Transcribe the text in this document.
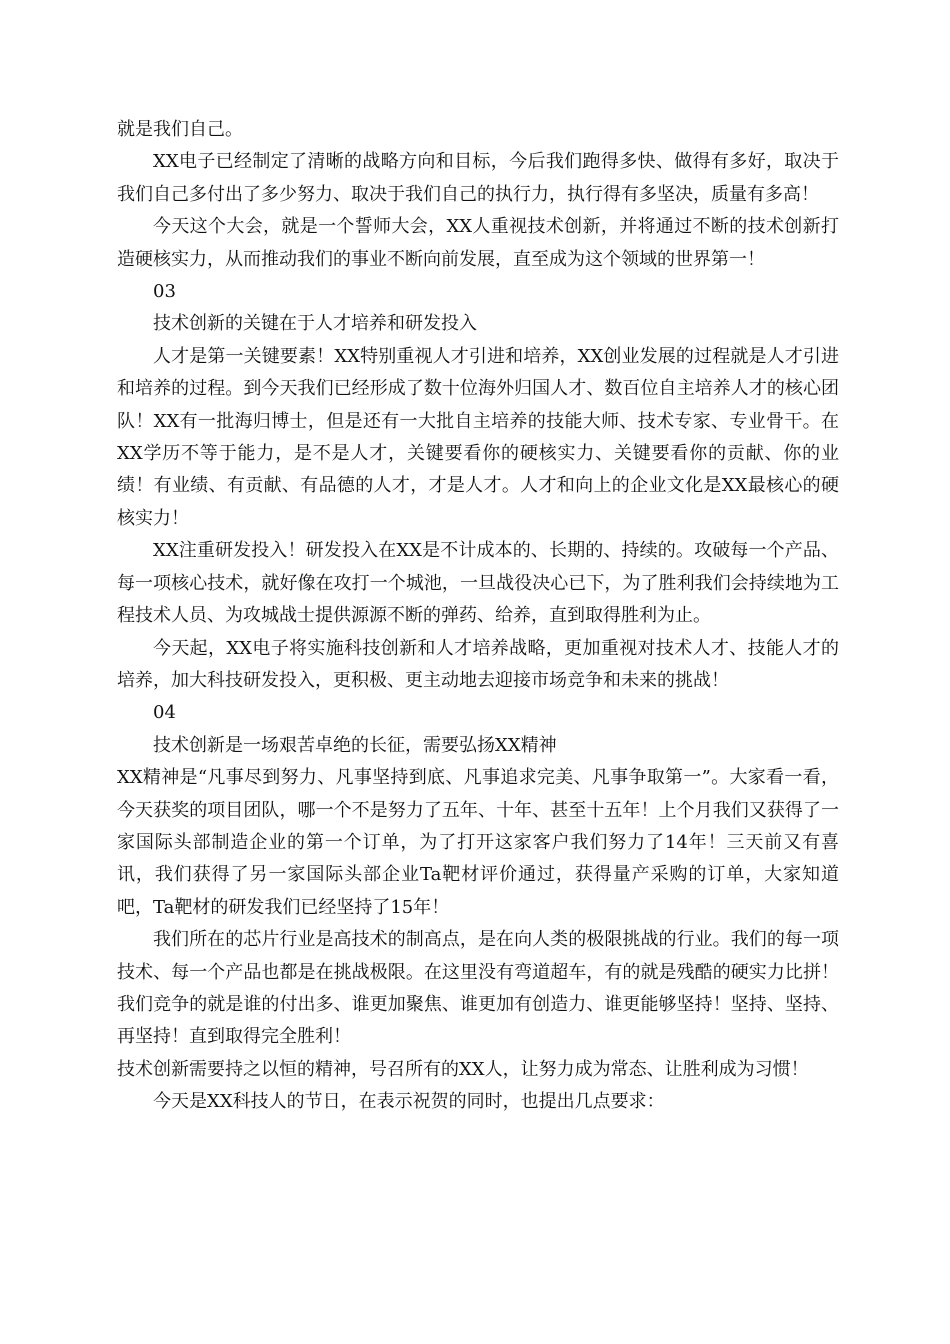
就是我们自己。

XX电子已经制定了清晰的战略方向和目标，今后我们跑得多快、做得有多好，取决于我们自己多付出了多少努力、取决于我们自己的执行力，执行得有多坚决，质量有多高！

今天这个大会，就是一个誓师大会，XX人重视技术创新，并将通过不断的技术创新打造硬核实力，从而推动我们的事业不断向前发展，直至成为这个领域的世界第一！

03

技术创新的关键在于人才培养和研发投入

人才是第一关键要素！XX特别重视人才引进和培养，XX创业发展的过程就是人才引进和培养的过程。到今天我们已经形成了数十位海外归国人才、数百位自主培养人才的核心团队！XX有一批海归博士，但是还有一大批自主培养的技能大师、技术专家、专业骨干。在XX学历不等于能力，是不是人才，关键要看你的硬核实力、关键要看你的贡献、你的业绩！有业绩、有贡献、有品德的人才，才是人才。人才和向上的企业文化是XX最核心的硬核实力！

XX注重研发投入！研发投入在XX是不计成本的、长期的、持续的。攻破每一个产品、每一项核心技术，就好像在攻打一个城池，一旦战役决心已下，为了胜利我们会持续地为工程技术人员、为攻城战士提供源源不断的弹药、给养，直到取得胜利为止。

今天起，XX电子将实施科技创新和人才培养战略，更加重视对技术人才、技能人才的培养，加大科技研发投入，更积极、更主动地去迎接市场竞争和未来的挑战！

04

技术创新是一场艰苦卓绝的长征，需要弘扬XX精神

XX精神是“凡事尽到努力、凡事坚持到底、凡事追求完美、凡事争取第一”。大家看一看，今天获奖的项目团队，哪一个不是努力了五年、十年、甚至十五年！上个月我们又获得了一家国际头部制造企业的第一个订单，为了打开这家客户我们努力了14年！三天前又有喜讯，我们获得了另一家国际头部企业Ta靶材评价通过，获得量产采购的订单，大家知道吧，Ta靶材的研发我们已经坚持了15年！

我们所在的芯片行业是高技术的制高点，是在向人类的极限挑战的行业。我们的每一项技术、每一个产品也都是在挑战极限。在这里没有弯道超车，有的就是残酷的硬实力比拼！我们竞争的就是谁的付出多、谁更加聚焦、谁更加有创造力、谁更能够坚持！坚持、坚持、再坚持！直到取得完全胜利！

技术创新需要持之以恒的精神，号召所有的XX人，让努力成为常态、让胜利成为习惯！

今天是XX科技人的节日，在表示祝贺的同时，也提出几点要求：
